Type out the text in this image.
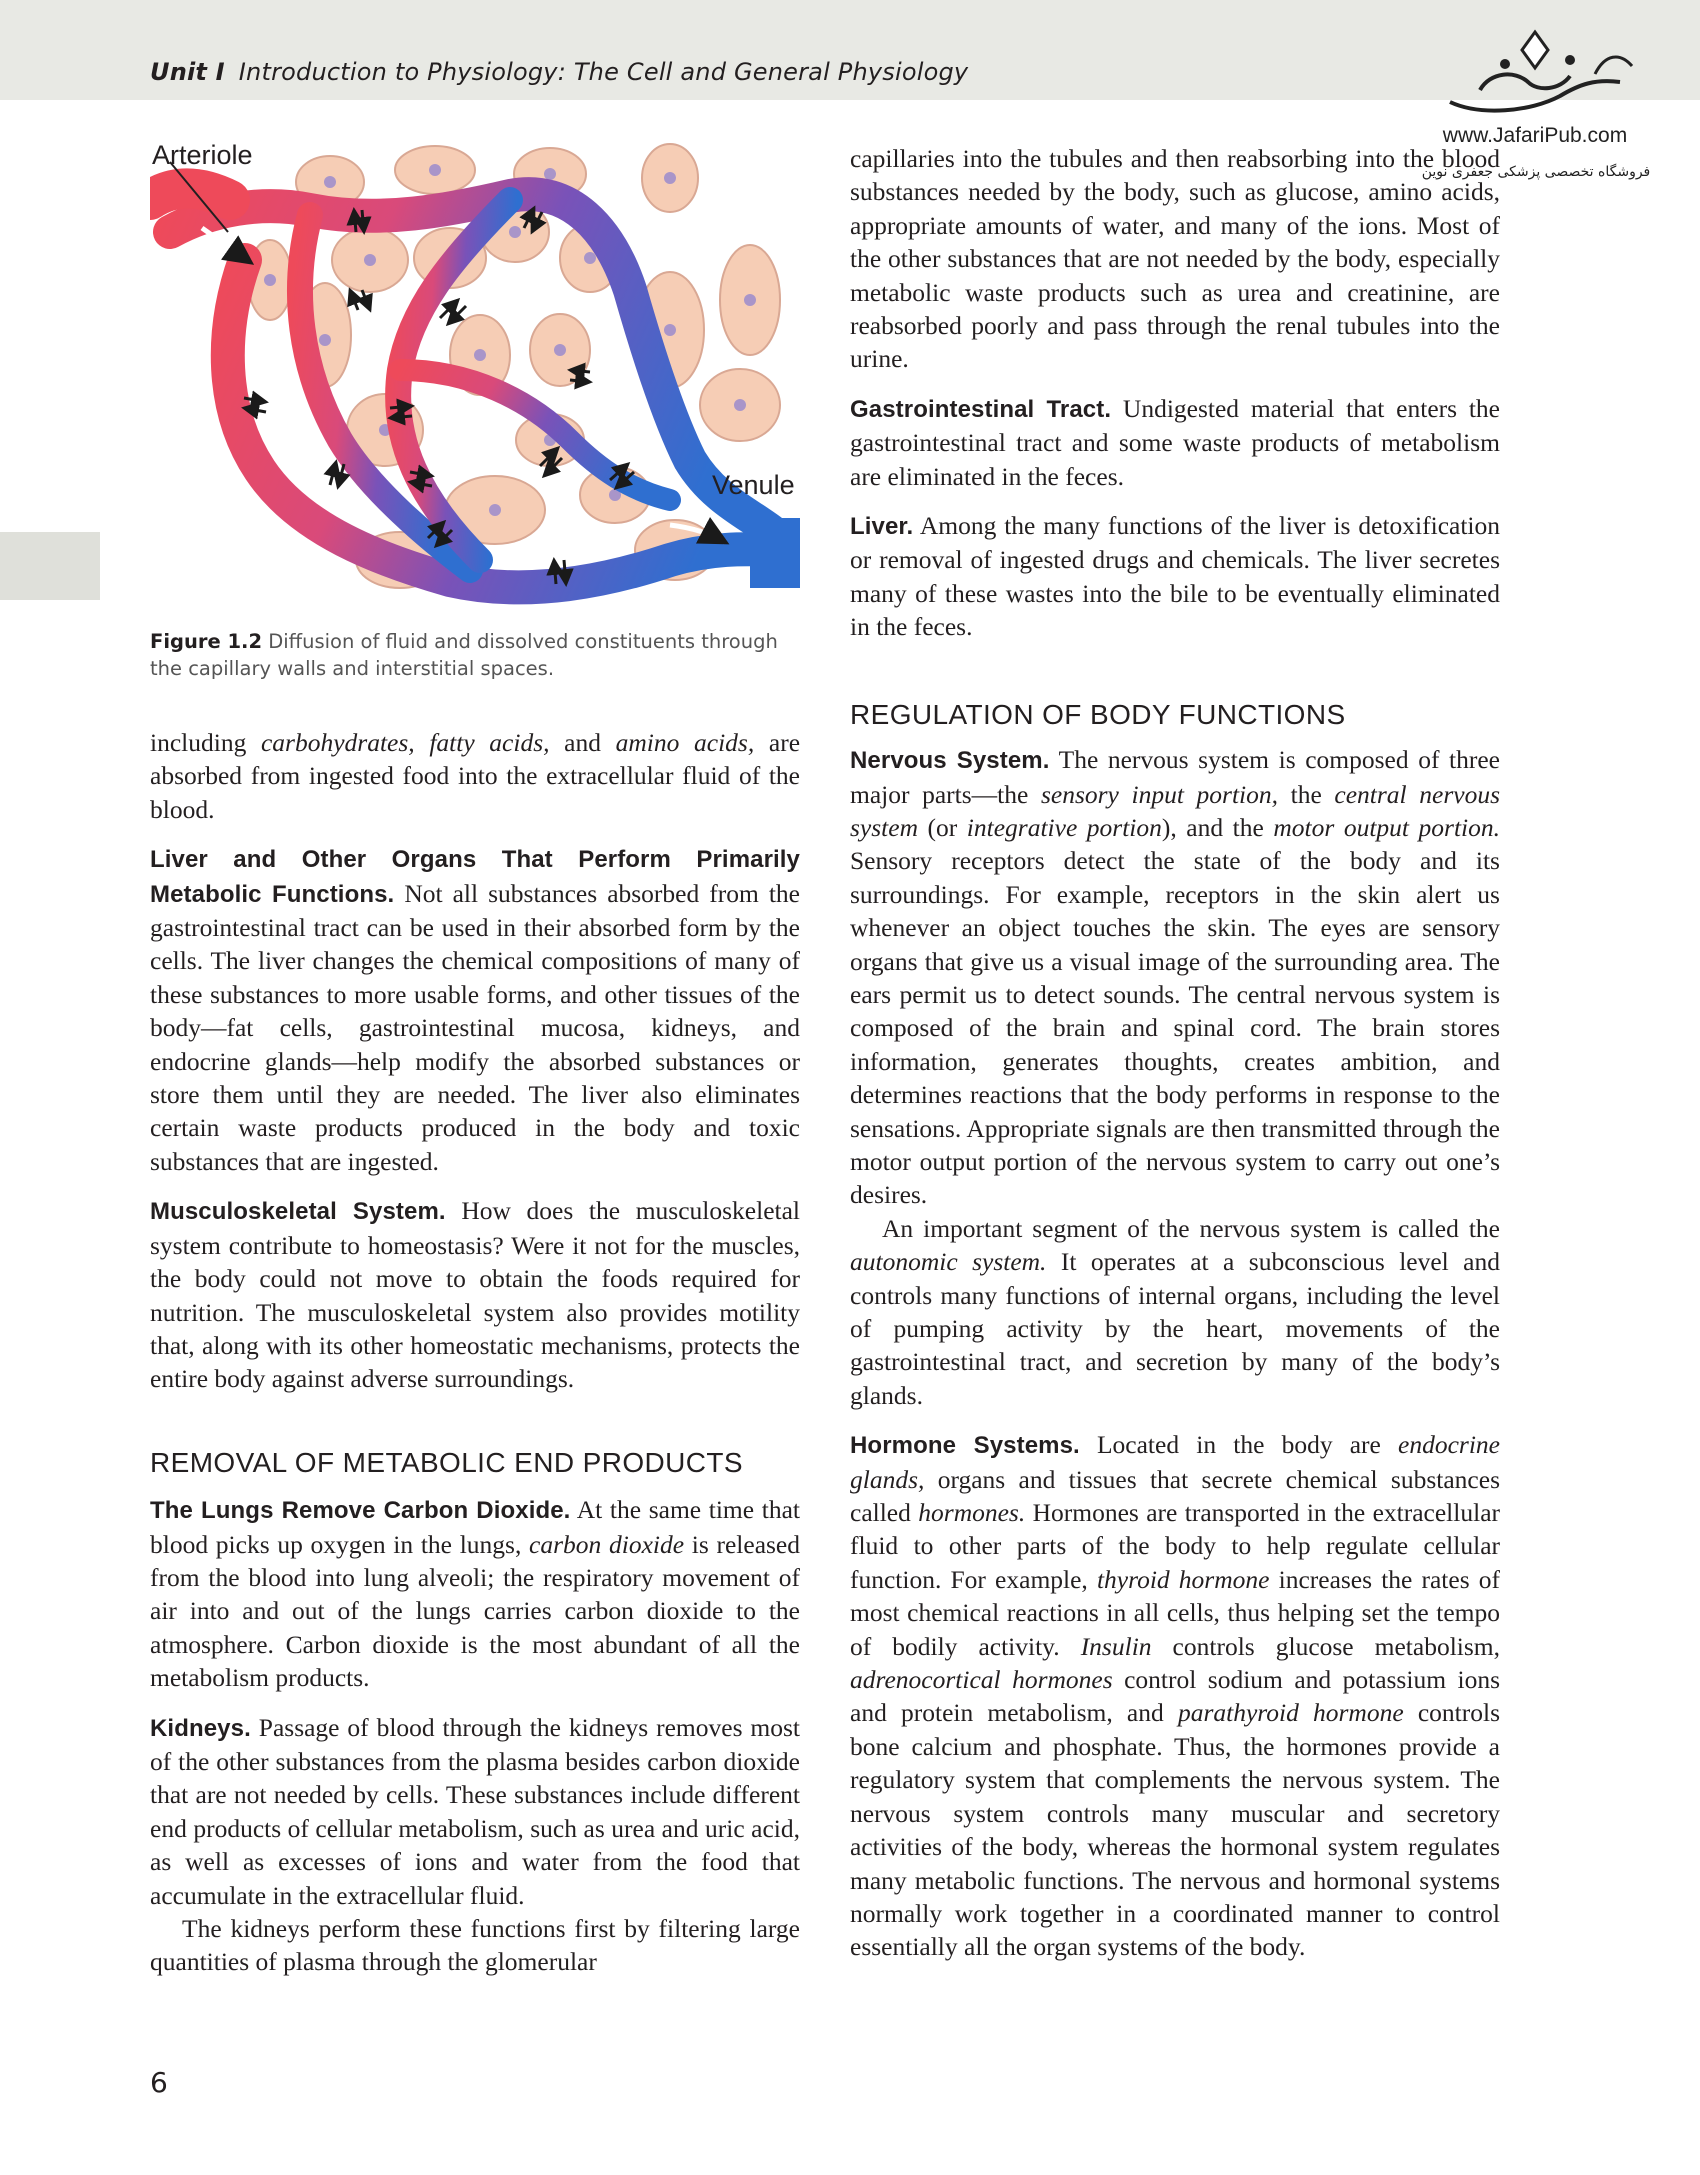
Unit I Introduction to Physiology: The Cell and General Physiology
www.JafariPub.com
فروشگاه تخصصی پزشکی جعفری نوین
Arteriole
Venule
Figure 1.2 Diffusion of fluid and dissolved constituents through the capillary walls and interstitial spaces.

including carbohydrates, fatty acids, and amino acids, are absorbed from ingested food into the extracellular fluid of the blood.

Liver and Other Organs That Perform Primarily Metabolic Functions. Not all substances absorbed from the gastrointestinal tract can be used in their absorbed form by the cells. The liver changes the chemical compositions of many of these substances to more usable forms, and other tissues of the body—fat cells, gastrointestinal mucosa, kidneys, and endocrine glands—help modify the absorbed substances or store them until they are needed. The liver also eliminates certain waste products produced in the body and toxic substances that are ingested.

Musculoskeletal System. How does the musculoskeletal system contribute to homeostasis? Were it not for the muscles, the body could not move to obtain the foods required for nutrition. The musculoskeletal system also provides motility that, along with its other homeostatic mechanisms, protects the entire body against adverse surroundings.

REMOVAL OF METABOLIC END PRODUCTS

The Lungs Remove Carbon Dioxide. At the same time that blood picks up oxygen in the lungs, carbon dioxide is released from the blood into lung alveoli; the respiratory movement of air into and out of the lungs carries carbon dioxide to the atmosphere. Carbon dioxide is the most abundant of all the metabolism products.

Kidneys. Passage of blood through the kidneys removes most of the other substances from the plasma besides carbon dioxide that are not needed by cells. These substances include different end products of cellular metabolism, such as urea and uric acid, as well as excesses of ions and water from the food that accumulate in the extracellular fluid.

The kidneys perform these functions first by filtering large quantities of plasma through the glomerular

capillaries into the tubules and then reabsorbing into the blood substances needed by the body, such as glucose, amino acids, appropriate amounts of water, and many of the ions. Most of the other substances that are not needed by the body, especially metabolic waste products such as urea and creatinine, are reabsorbed poorly and pass through the renal tubules into the urine.

Gastrointestinal Tract. Undigested material that enters the gastrointestinal tract and some waste products of metabolism are eliminated in the feces.

Liver. Among the many functions of the liver is detoxification or removal of ingested drugs and chemicals. The liver secretes many of these wastes into the bile to be eventually eliminated in the feces.

REGULATION OF BODY FUNCTIONS

Nervous System. The nervous system is composed of three major parts—the sensory input portion, the central nervous system (or integrative portion), and the motor output portion. Sensory receptors detect the state of the body and its surroundings. For example, receptors in the skin alert us whenever an object touches the skin. The eyes are sensory organs that give us a visual image of the surrounding area. The ears permit us to detect sounds. The central nervous system is composed of the brain and spinal cord. The brain stores information, generates thoughts, creates ambition, and determines reactions that the body performs in response to the sensations. Appropriate signals are then transmitted through the motor output portion of the nervous system to carry out one’s desires.

An important segment of the nervous system is called the autonomic system. It operates at a subconscious level and controls many functions of internal organs, including the level of pumping activity by the heart, movements of the gastrointestinal tract, and secretion by many of the body’s glands.

Hormone Systems. Located in the body are endocrine glands, organs and tissues that secrete chemical substances called hormones. Hormones are transported in the extracellular fluid to other parts of the body to help regulate cellular function. For example, thyroid hormone increases the rates of most chemical reactions in all cells, thus helping set the tempo of bodily activity. Insulin controls glucose metabolism, adrenocortical hormones control sodium and potassium ions and protein metabolism, and parathyroid hormone controls bone calcium and phosphate. Thus, the hormones provide a regulatory system that complements the nervous system. The nervous system controls many muscular and secretory activities of the body, whereas the hormonal system regulates many metabolic functions. The nervous and hormonal systems normally work together in a coordinated manner to control essentially all the organ systems of the body.

6
